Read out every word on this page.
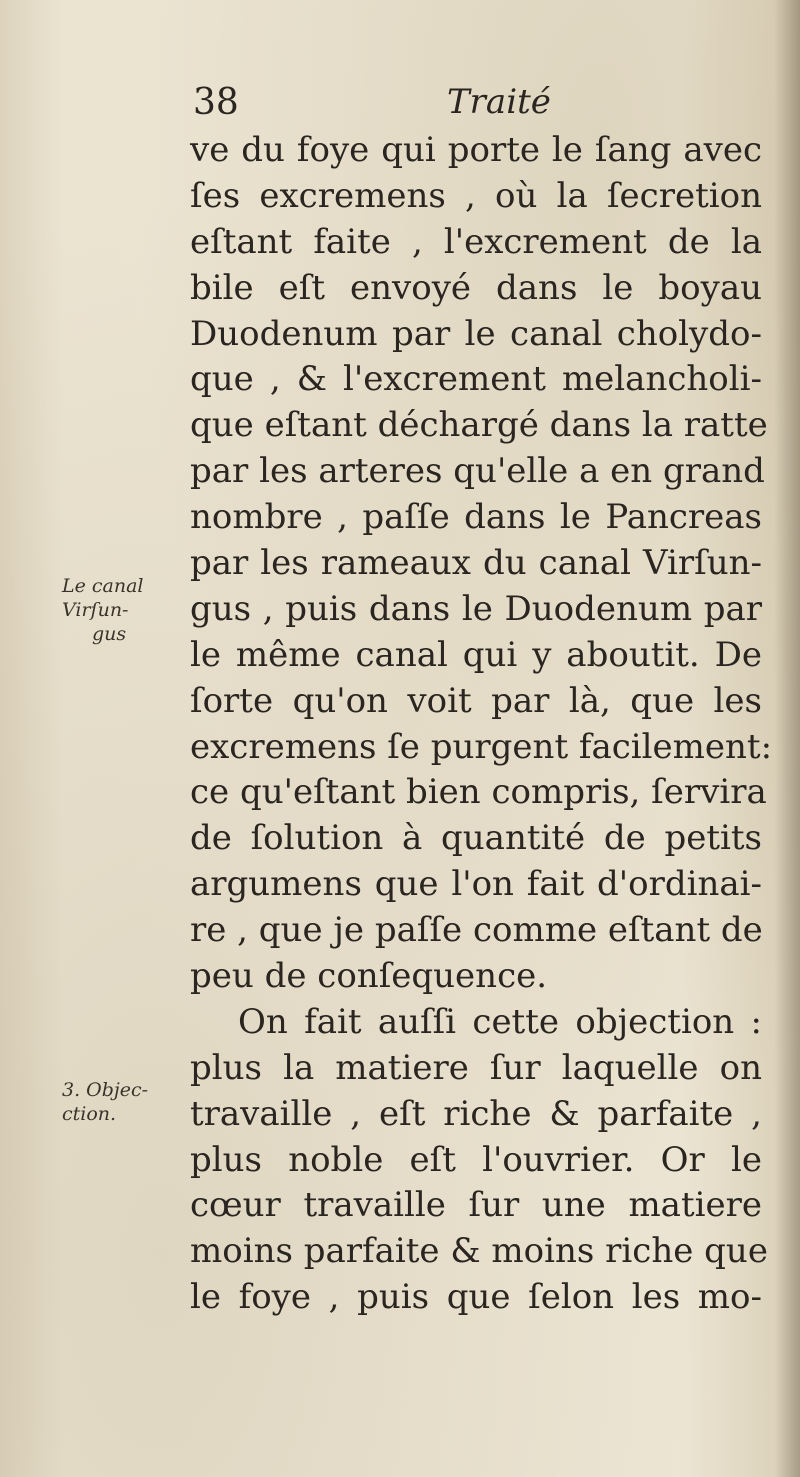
38	Traité
Le canal
Virſun-
gus
3. Objec-
ction.
ve du foye qui porte le ſang avec
ſes excremens , où la ſecretion
eſtant faite , l'excrement de la
bile eſt envoyé dans le boyau
Duodenum par le canal cholydo-
que , & l'excrement melancholi-
que eſtant déchargé dans la ratte
par les arteres qu'elle a en grand
nombre , paſſe dans le Pancreas
par les rameaux du canal Virſun-
gus , puis dans le Duodenum par
le même canal qui y aboutit. De
ſorte qu'on voit par là, que les
excremens ſe purgent facilement:
ce qu'eſtant bien compris, ſervira
de ſolution à quantité de petits
argumens que l'on fait d'ordinai-
re , que je paſſe comme eſtant de
peu de conſequence.
On fait auſſi cette objection :
plus la matiere ſur laquelle on
travaille , eſt riche & parfaite ,
plus noble eſt l'ouvrier. Or le
cœur travaille ſur une matiere
moins parfaite & moins riche que
le foye , puis que ſelon les mo-
